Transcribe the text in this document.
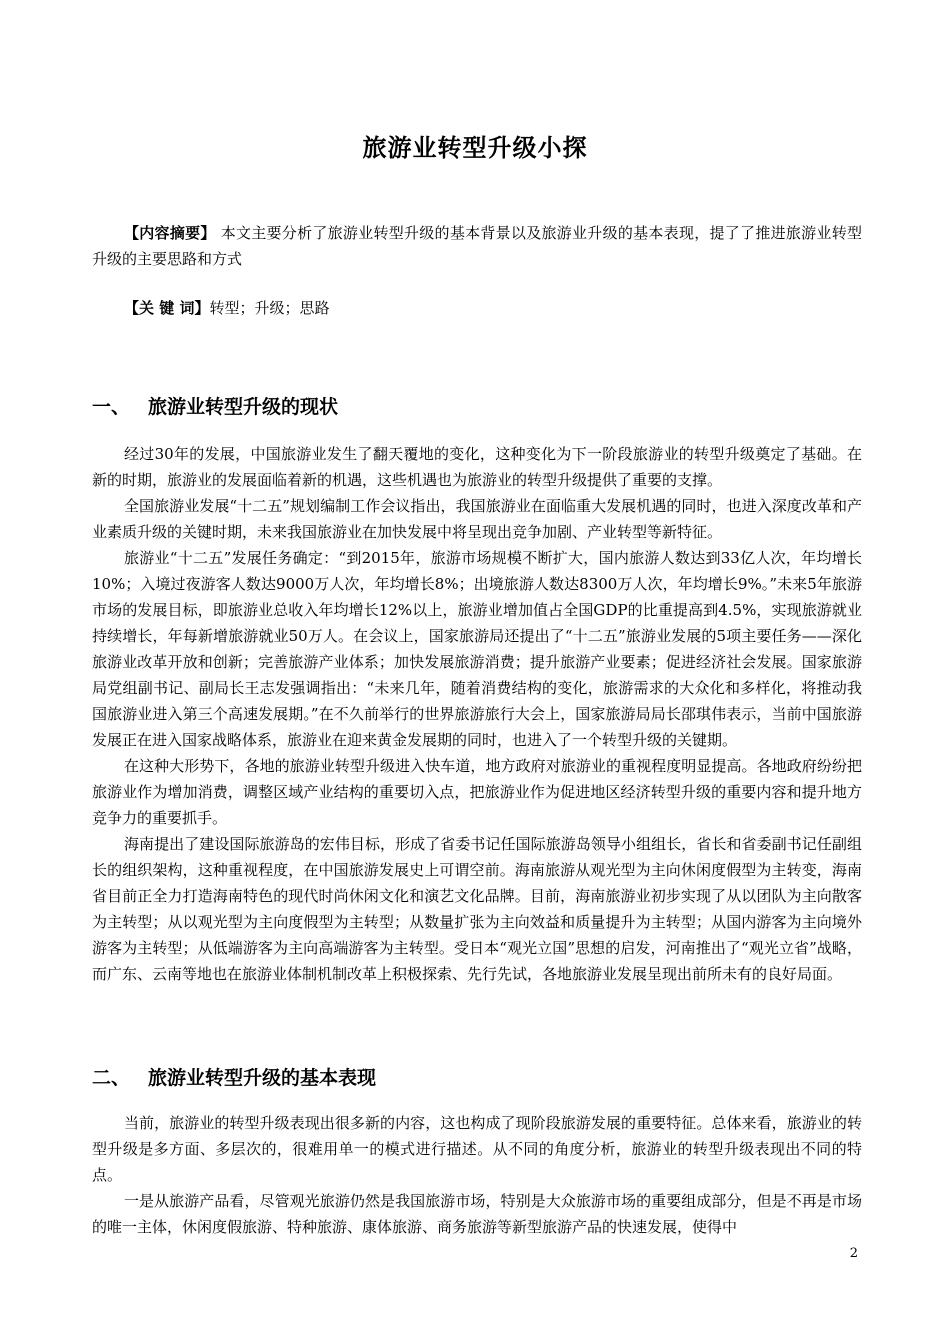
旅游业转型升级小探

【内容摘要】 本文主要分析了旅游业转型升级的基本背景以及旅游业升级的基本表现，提了了推进旅游业转型升级的主要思路和方式

【关 键 词】转型；升级；思路

一、 旅游业转型升级的现状

经过30年的发展，中国旅游业发生了翻天覆地的变化，这种变化为下一阶段旅游业的转型升级奠定了基础。在新的时期，旅游业的发展面临着新的机遇，这些机遇也为旅游业的转型升级提供了重要的支撑。

全国旅游业发展“十二五”规划编制工作会议指出，我国旅游业在面临重大发展机遇的同时，也进入深度改革和产业素质升级的关键时期，未来我国旅游业在加快发展中将呈现出竞争加剧、产业转型等新特征。

旅游业“十二五”发展任务确定：“到2015年，旅游市场规模不断扩大，国内旅游人数达到33亿人次，年均增长10%；入境过夜游客人数达9000万人次，年均增长8%；出境旅游人数达8300万人次，年均增长9%。”未来5年旅游市场的发展目标，即旅游业总收入年均增长12%以上，旅游业增加值占全国GDP的比重提高到4.5%，实现旅游就业持续增长，年每新增旅游就业50万人。在会议上，国家旅游局还提出了“十二五”旅游业发展的5项主要任务——深化旅游业改革开放和创新；完善旅游产业体系；加快发展旅游消费；提升旅游产业要素；促进经济社会发展。国家旅游局党组副书记、副局长王志发强调指出：“未来几年，随着消费结构的变化，旅游需求的大众化和多样化，将推动我国旅游业进入第三个高速发展期。”在不久前举行的世界旅游旅行大会上，国家旅游局局长邵琪伟表示，当前中国旅游发展正在进入国家战略体系，旅游业在迎来黄金发展期的同时，也进入了一个转型升级的关键期。

在这种大形势下，各地的旅游业转型升级进入快车道，地方政府对旅游业的重视程度明显提高。各地政府纷纷把旅游业作为增加消费，调整区域产业结构的重要切入点，把旅游业作为促进地区经济转型升级的重要内容和提升地方竞争力的重要抓手。

海南提出了建设国际旅游岛的宏伟目标，形成了省委书记任国际旅游岛领导小组组长，省长和省委副书记任副组长的组织架构，这种重视程度，在中国旅游发展史上可谓空前。海南旅游从观光型为主向休闲度假型为主转变，海南省目前正全力打造海南特色的现代时尚休闲文化和演艺文化品牌。目前，海南旅游业初步实现了从以团队为主向散客为主转型；从以观光型为主向度假型为主转型；从数量扩张为主向效益和质量提升为主转型；从国内游客为主向境外游客为主转型；从低端游客为主向高端游客为主转型。受日本“观光立国”思想的启发，河南推出了“观光立省”战略，而广东、云南等地也在旅游业体制机制改革上积极探索、先行先试，各地旅游业发展呈现出前所未有的良好局面。

二、 旅游业转型升级的基本表现

当前，旅游业的转型升级表现出很多新的内容，这也构成了现阶段旅游发展的重要特征。总体来看，旅游业的转型升级是多方面、多层次的，很难用单一的模式进行描述。从不同的角度分析，旅游业的转型升级表现出不同的特点。

一是从旅游产品看，尽管观光旅游仍然是我国旅游市场，特别是大众旅游市场的重要组成部分，但是不再是市场的唯一主体，休闲度假旅游、特种旅游、康体旅游、商务旅游等新型旅游产品的快速发展，使得中

2
